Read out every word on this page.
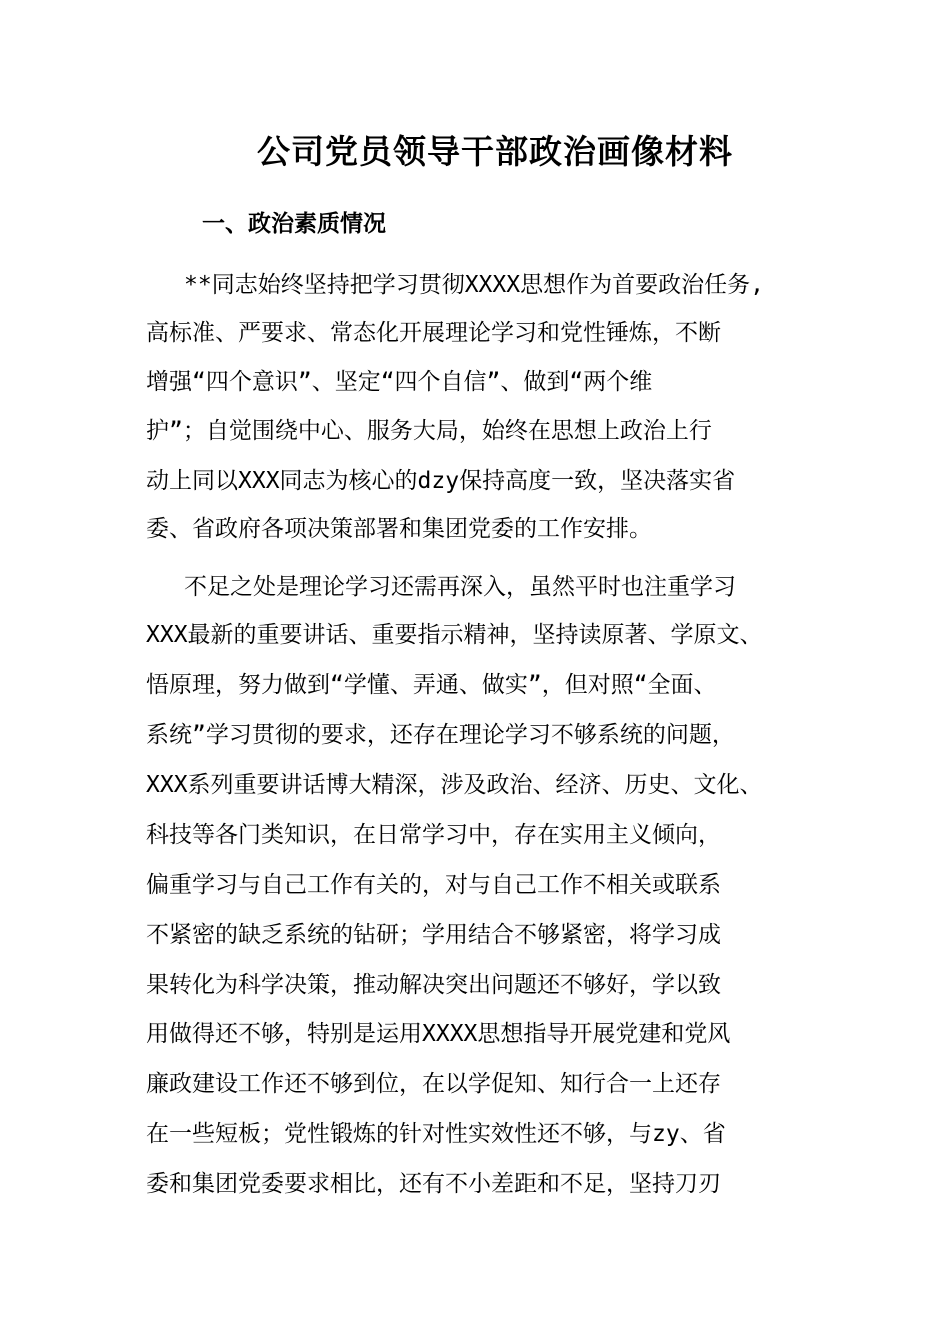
公司党员领导干部政治画像材料
一、政治素质情况
**同志始终坚持把学习贯彻XXXX思想作为首要政治任务,
高标准、严要求、常态化开展理论学习和党性锤炼，不断
增强“四个意识”、坚定“四个自信”、做到“两个维
护”；自觉围绕中心、服务大局，始终在思想上政治上行
动上同以XXX同志为核心的dzy保持高度一致，坚决落实省
委、省政府各项决策部署和集团党委的工作安排。
不足之处是理论学习还需再深入，虽然平时也注重学习
XXX最新的重要讲话、重要指示精神，坚持读原著、学原文、
悟原理，努力做到“学懂、弄通、做实”，但对照“全面、
系统”学习贯彻的要求，还存在理论学习不够系统的问题，
XXX系列重要讲话博大精深，涉及政治、经济、历史、文化、
科技等各门类知识，在日常学习中，存在实用主义倾向，
偏重学习与自己工作有关的，对与自己工作不相关或联系
不紧密的缺乏系统的钻研；学用结合不够紧密，将学习成
果转化为科学决策，推动解决突出问题还不够好，学以致
用做得还不够，特别是运用XXXX思想指导开展党建和党风
廉政建设工作还不够到位，在以学促知、知行合一上还存
在一些短板；党性锻炼的针对性实效性还不够，与zy、省
委和集团党委要求相比，还有不小差距和不足，坚持刀刃
